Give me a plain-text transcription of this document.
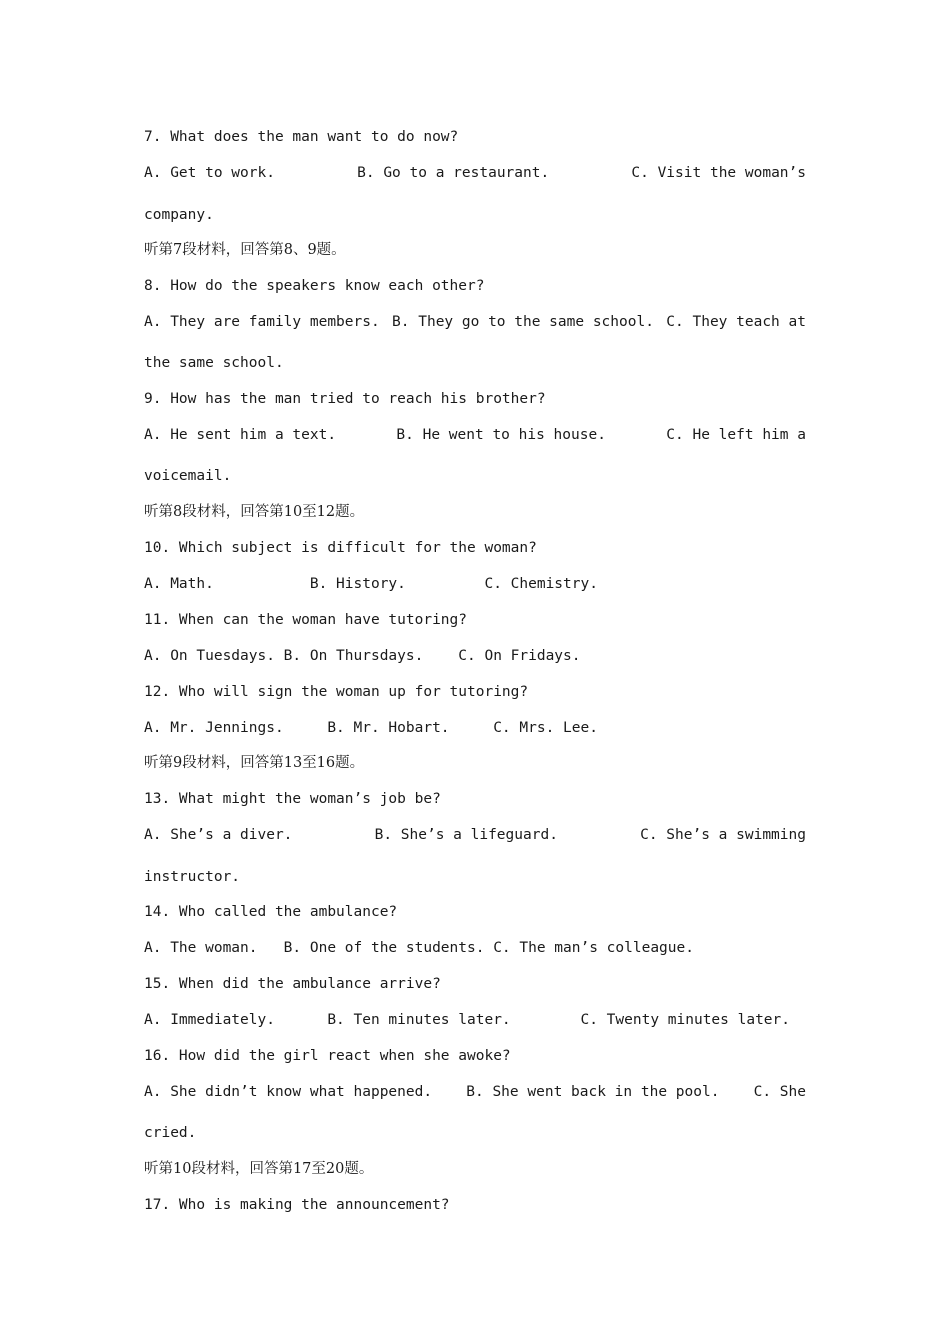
7. What does the man want to do now?
A. Get to work.	B. Go to a restaurant.	C. Visit the woman’s
company.
听第7段材料，回答第8、9题。
8. How do the speakers know each other?
A. They are family members. B. They go to the same school. C. They teach at
the same school.
9. How has the man tried to reach his brother?
A. He sent him a text.	B. He went to his house.	C. He left him a
voicemail.
听第8段材料，回答第10至12题。
10. Which subject is difficult for the woman?
A. Math.           B. History.         C. Chemistry.
11. When can the woman have tutoring?
A. On Tuesdays. B. On Thursdays.    C. On Fridays.
12. Who will sign the woman up for tutoring?
A. Mr. Jennings.     B. Mr. Hobart.     C. Mrs. Lee.
听第9段材料，回答第13至16题。
13. What might the woman’s job be?
A. She’s a diver.	B. She’s a lifeguard.	C. She’s a swimming
instructor.
14. Who called the ambulance?
A. The woman.   B. One of the students. C. The man’s colleague.
15. When did the ambulance arrive?
A. Immediately.      B. Ten minutes later.        C. Twenty minutes later.
16. How did the girl react when she awoke?
A. She didn’t know what happened. B. She went back in the pool. C. She
cried.
听第10段材料，回答第17至20题。
17. Who is making the announcement?
